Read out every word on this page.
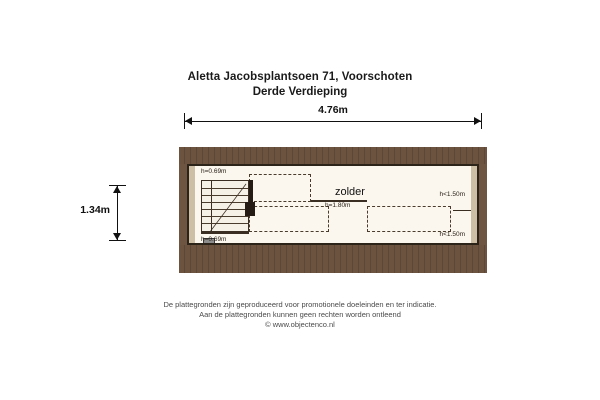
Aletta Jacobsplantsoen 71, Voorschoten
Derde Verdieping
4.76m
1.34m
h=0.69m
h=0.69m
zolder
h=1.80m
h<1.50m
h<1.50m
De plattegronden zijn geproduceerd voor promotionele doeleinden en ter indicatie.
Aan de plattegronden kunnen geen rechten worden ontleend
© www.objectenco.nl
